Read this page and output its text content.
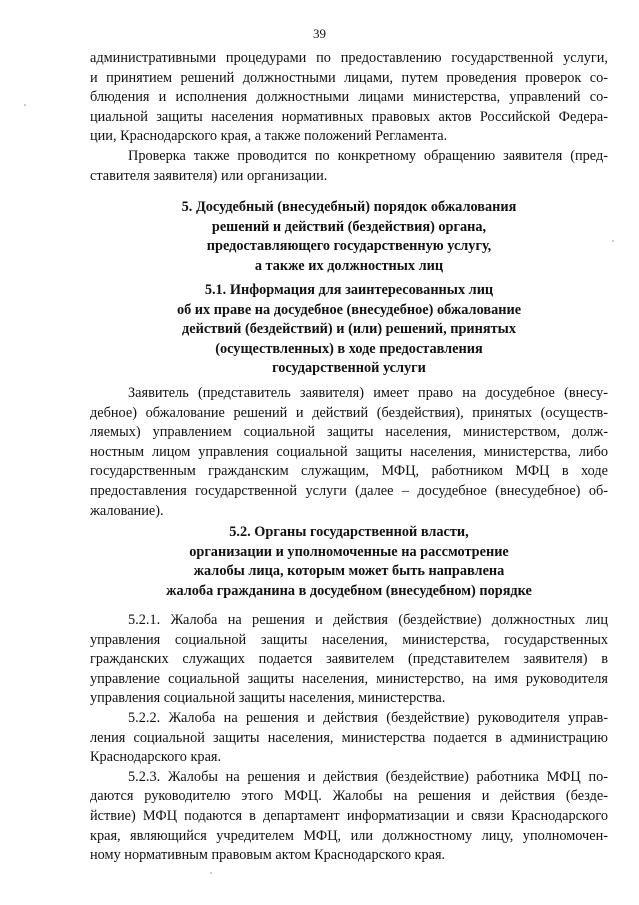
39
административными процедурами по предоставлению государственной услуги,
и принятием решений должностными лицами, путем проведения проверок со-
блюдения и исполнения должностными лицами министерства, управлений со-
циальной защиты населения нормативных правовых актов Российской Федера-
ции, Краснодарского края, а также положений Регламента.
Проверка также проводится по конкретному обращению заявителя (пред-
ставителя заявителя) или организации.
5. Досудебный (внесудебный) порядок обжалования
решений и действий (бездействия) органа,
предоставляющего государственную услугу,
а также их должностных лиц
5.1. Информация для заинтересованных лиц
об их праве на досудебное (внесудебное) обжалование
действий (бездействий) и (или) решений, принятых
(осуществленных) в ходе предоставления
государственной услуги
Заявитель (представитель заявителя) имеет право на досудебное (внесу-
дебное) обжалование решений и действий (бездействия), принятых (осуществ-
ляемых) управлением социальной защиты населения, министерством, долж-
ностным лицом управления социальной защиты населения, министерства, либо
государственным гражданским служащим, МФЦ, работником МФЦ в ходе
предоставления государственной услуги (далее – досудебное (внесудебное) об-
жалование).
5.2. Органы государственной власти,
организации и уполномоченные на рассмотрение
жалобы лица, которым может быть направлена
жалоба гражданина в досудебном (внесудебном) порядке
5.2.1. Жалоба на решения и действия (бездействие) должностных лиц
управления социальной защиты населения, министерства, государственных
гражданских служащих подается заявителем (представителем заявителя) в
управление социальной защиты населения, министерство, на имя руководителя
управления социальной защиты населения, министерства.
5.2.2. Жалоба на решения и действия (бездействие) руководителя управ-
ления социальной защиты населения, министерства подается в администрацию
Краснодарского края.
5.2.3. Жалобы на решения и действия (бездействие) работника МФЦ по-
даются руководителю этого МФЦ. Жалобы на решения и действия (безде-
йствие) МФЦ подаются в департамент информатизации и связи Краснодарского
края, являющийся учредителем МФЦ, или должностному лицу, уполномочен-
ному нормативным правовым актом Краснодарского края.
